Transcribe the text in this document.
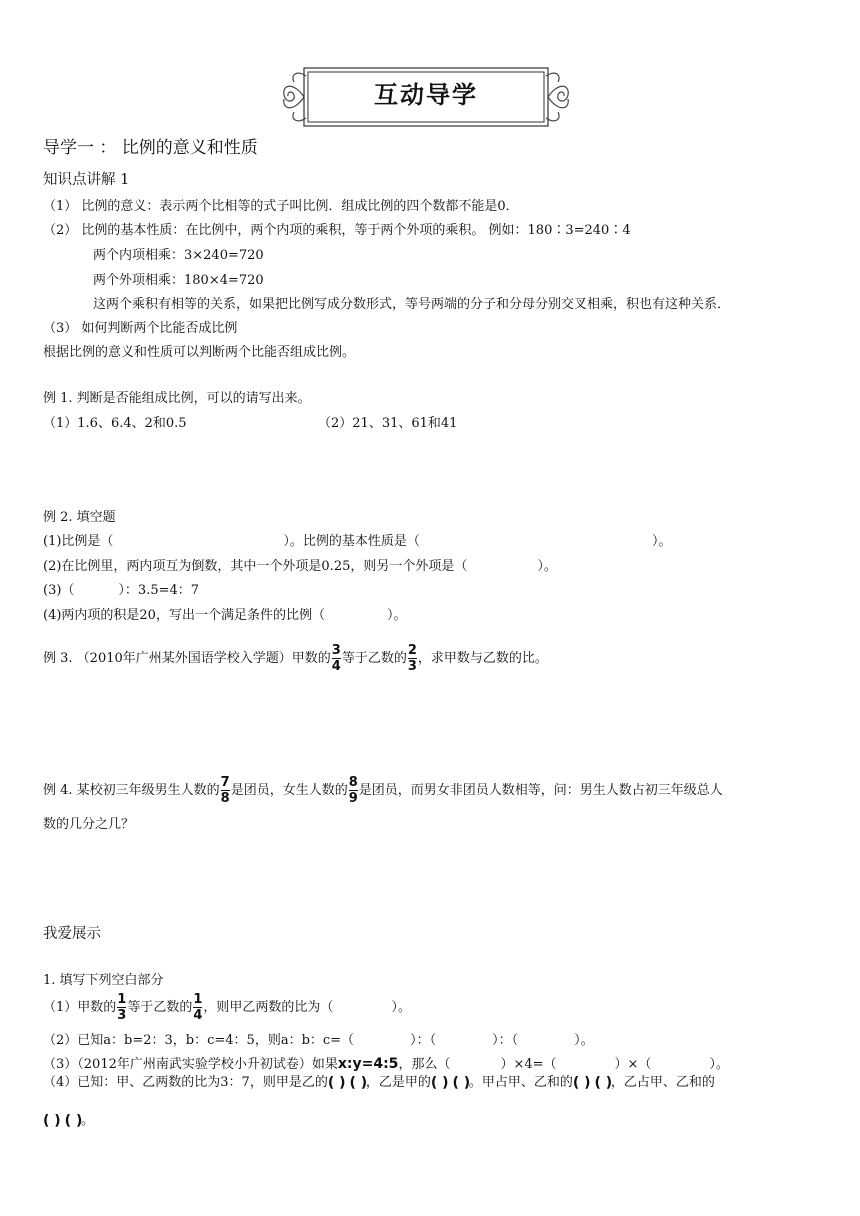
互动导学
导学一 ： 比例的意义和性质
知识点讲解 1
（1） 比例的意义：表示两个比相等的式子叫比例．组成比例的四个数都不能是0．
（2） 比例的基本性质：在比例中，两个内项的乘积，等于两个外项的乘积。 例如：180∶3=240∶4
两个内项相乘：3×240=720
两个外项相乘：180×4=720
这两个乘积有相等的关系，如果把比例写成分数形式，等号两端的分子和分母分别交叉相乘，积也有这种关系．
（3） 如何判断两个比能否成比例
根据比例的意义和性质可以判断两个比能否组成比例。
例 1. 判断是否能组成比例，可以的请写出来。
（1）1.6、6.4、2和0.5	（2）21、31、61和41
例 2. 填空题
(1)比例是（	）。比例的基本性质是（	）。
(2)在比例里，两内项互为倒数，其中一个外项是0.25，则另一个外项是（	）。
(3)（	）：3.5=4：7
(4)两内项的积是20，写出一个满足条件的比例（	）。
例 3. （2010年广州某外国语学校入学题）甲数的 $\frac{3}{4}$ 等于乙数的 $\frac{2}{3}$ ，求甲数与乙数的比。
例 4. 某校初三年级男生人数的 $\frac{7}{8}$ 是团员，女生人数的 $\frac{8}{9}$ 是团员，而男女非团员人数相等，问：男生人数占初三年级总人
数的几分之几？
我爱展示
1. 填写下列空白部分
（1）甲数的 $\frac{1}{3}$ 等于乙数的 $\frac{1}{4}$ ，则甲乙两数的比为（	）。
（2）已知a：b=2：3，b：c=4：5，则a：b：c=（	）：（	）：（	）。
（3）（2012年广州南武实验学校小升初试卷）如果x:y=4:5，那么（	）×4=（	）×（	）。
（4）已知：甲、乙两数的比为3：7，则甲是乙的( ) ( )，乙是甲的( ) ( )。甲占甲、乙和的( ) ( )，乙占甲、乙和的
( ) ( )。
